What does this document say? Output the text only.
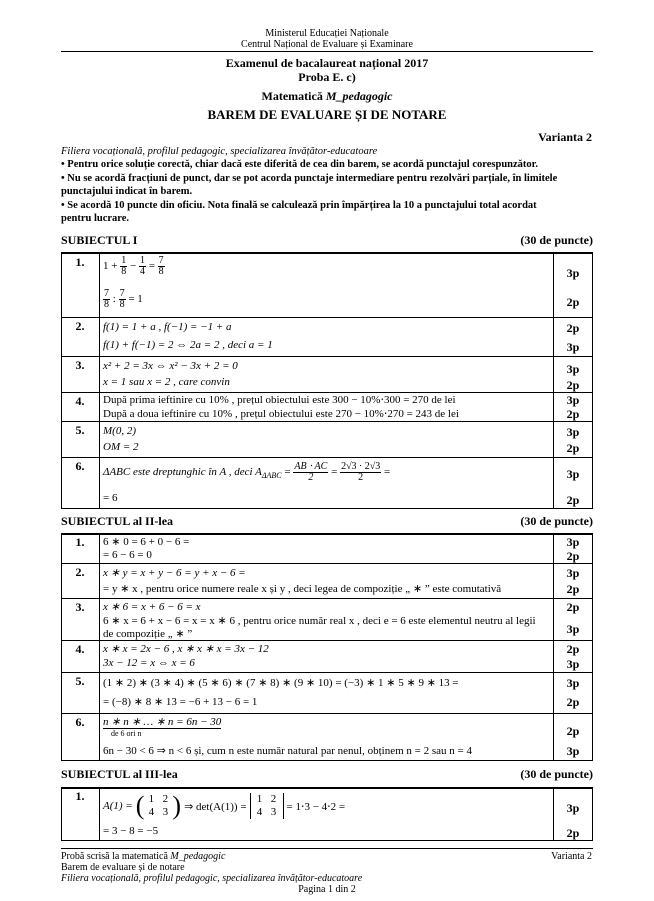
Ministerul Educației Naționale
Centrul Național de Evaluare și Examinare
Examenul de bacalaureat național 2017
Proba E. c)
Matematică M_pedagogic
BAREM DE EVALUARE ȘI DE NOTARE
Varianta 2
Filiera vocațională, profilul pedagogic, specializarea învățător-educatoare
• Pentru orice soluție corectă, chiar dacă este diferită de cea din barem, se acordă punctajul corespunzător.
• Nu se acordă fracțiuni de punct, dar se pot acorda punctaje intermediare pentru rezolvări parțiale, în limitele
punctajului indicat în barem.
• Se acordă 10 puncte din oficiu. Nota finală se calculează prin împărțirea la 10 a punctajului total acordat
pentru lucrare.
SUBIECTUL I	(30 de puncte)
1.	$1 + \frac{1}{8} - \frac{1}{4} = \frac{7}{8}$	3p
$\frac{7}{8}$ : $\frac{7}{8} = 1$	2p
2.	f(1) = 1 + a , f(−1) = −1 + a	2p
f(1) + f(−1) = 2 ⇔ 2a = 2 , deci a = 1	3p
3.	x² + 2 = 3x ⇔ x² − 3x + 2 = 0	3p
x = 1 sau x = 2 , care convin	2p
4.	După prima ieftinire cu 10% , prețul obiectului este 300 − 10%⋅300 = 270 de lei	3p
După a doua ieftinire cu 10% , prețul obiectului este 270 − 10%⋅270 = 243 de lei	2p
5.	M(0, 2)	3p
OM = 2	2p
6.	ΔABC este dreptunghic în A , deci $A_{\Delta ABC} = \frac{AB \cdot AC}{2} = \frac{2√3 \cdot 2√3}{2}$ =	3p
= 6	2p
SUBIECTUL al II-lea	(30 de puncte)
1.	6 ∗ 0 = 6 + 0 − 6 =	3p
= 6 − 6 = 0	2p
2.	x ∗ y = x + y − 6 = y + x − 6 =	3p
= y ∗ x , pentru orice numere reale x și y , deci legea de compoziție „ ∗ ” este comutativă	2p
3.	x ∗ 6 = x + 6 − 6 = x	2p
6 ∗ x = 6 + x − 6 = x = x ∗ 6 , pentru orice număr real x , deci e = 6 este elementul neutru al legii
de compoziție „ ∗ ”	3p
4.	x ∗ x = 2x − 6 , x ∗ x ∗ x = 3x − 12	2p
3x − 12 = x ⇔ x = 6	3p
5.	(1 ∗ 2) ∗ (3 ∗ 4) ∗ (5 ∗ 6) ∗ (7 ∗ 8) ∗ (9 ∗ 10) = (−3) ∗ 1 ∗ 5 ∗ 9 ∗ 13 =	3p
= (−8) ∗ 8 ∗ 13 = −6 + 13 − 6 = 1	2p
6.	n ∗ n ∗ … ∗ n = 6n − 30
de 6 ori n	2p
6n − 30 < 6 ⇒ n < 6 și, cum n este număr natural par nenul, obținem n = 2 sau n = 4	3p
SUBIECTUL al III-lea	(30 de puncte)
1.
A(1) = ( 1 2
4 3 ) ⇒ det(A(1)) =
1 2
4 3 = 1⋅3 − 4⋅2 =	3p
= 3 − 8 = −5	2p
Probă scrisă la matematică M_pedagogic	Varianta 2
Barem de evaluare și de notare
Filiera vocațională, profilul pedagogic, specializarea învățător-educatoare
Pagina 1 din 2
